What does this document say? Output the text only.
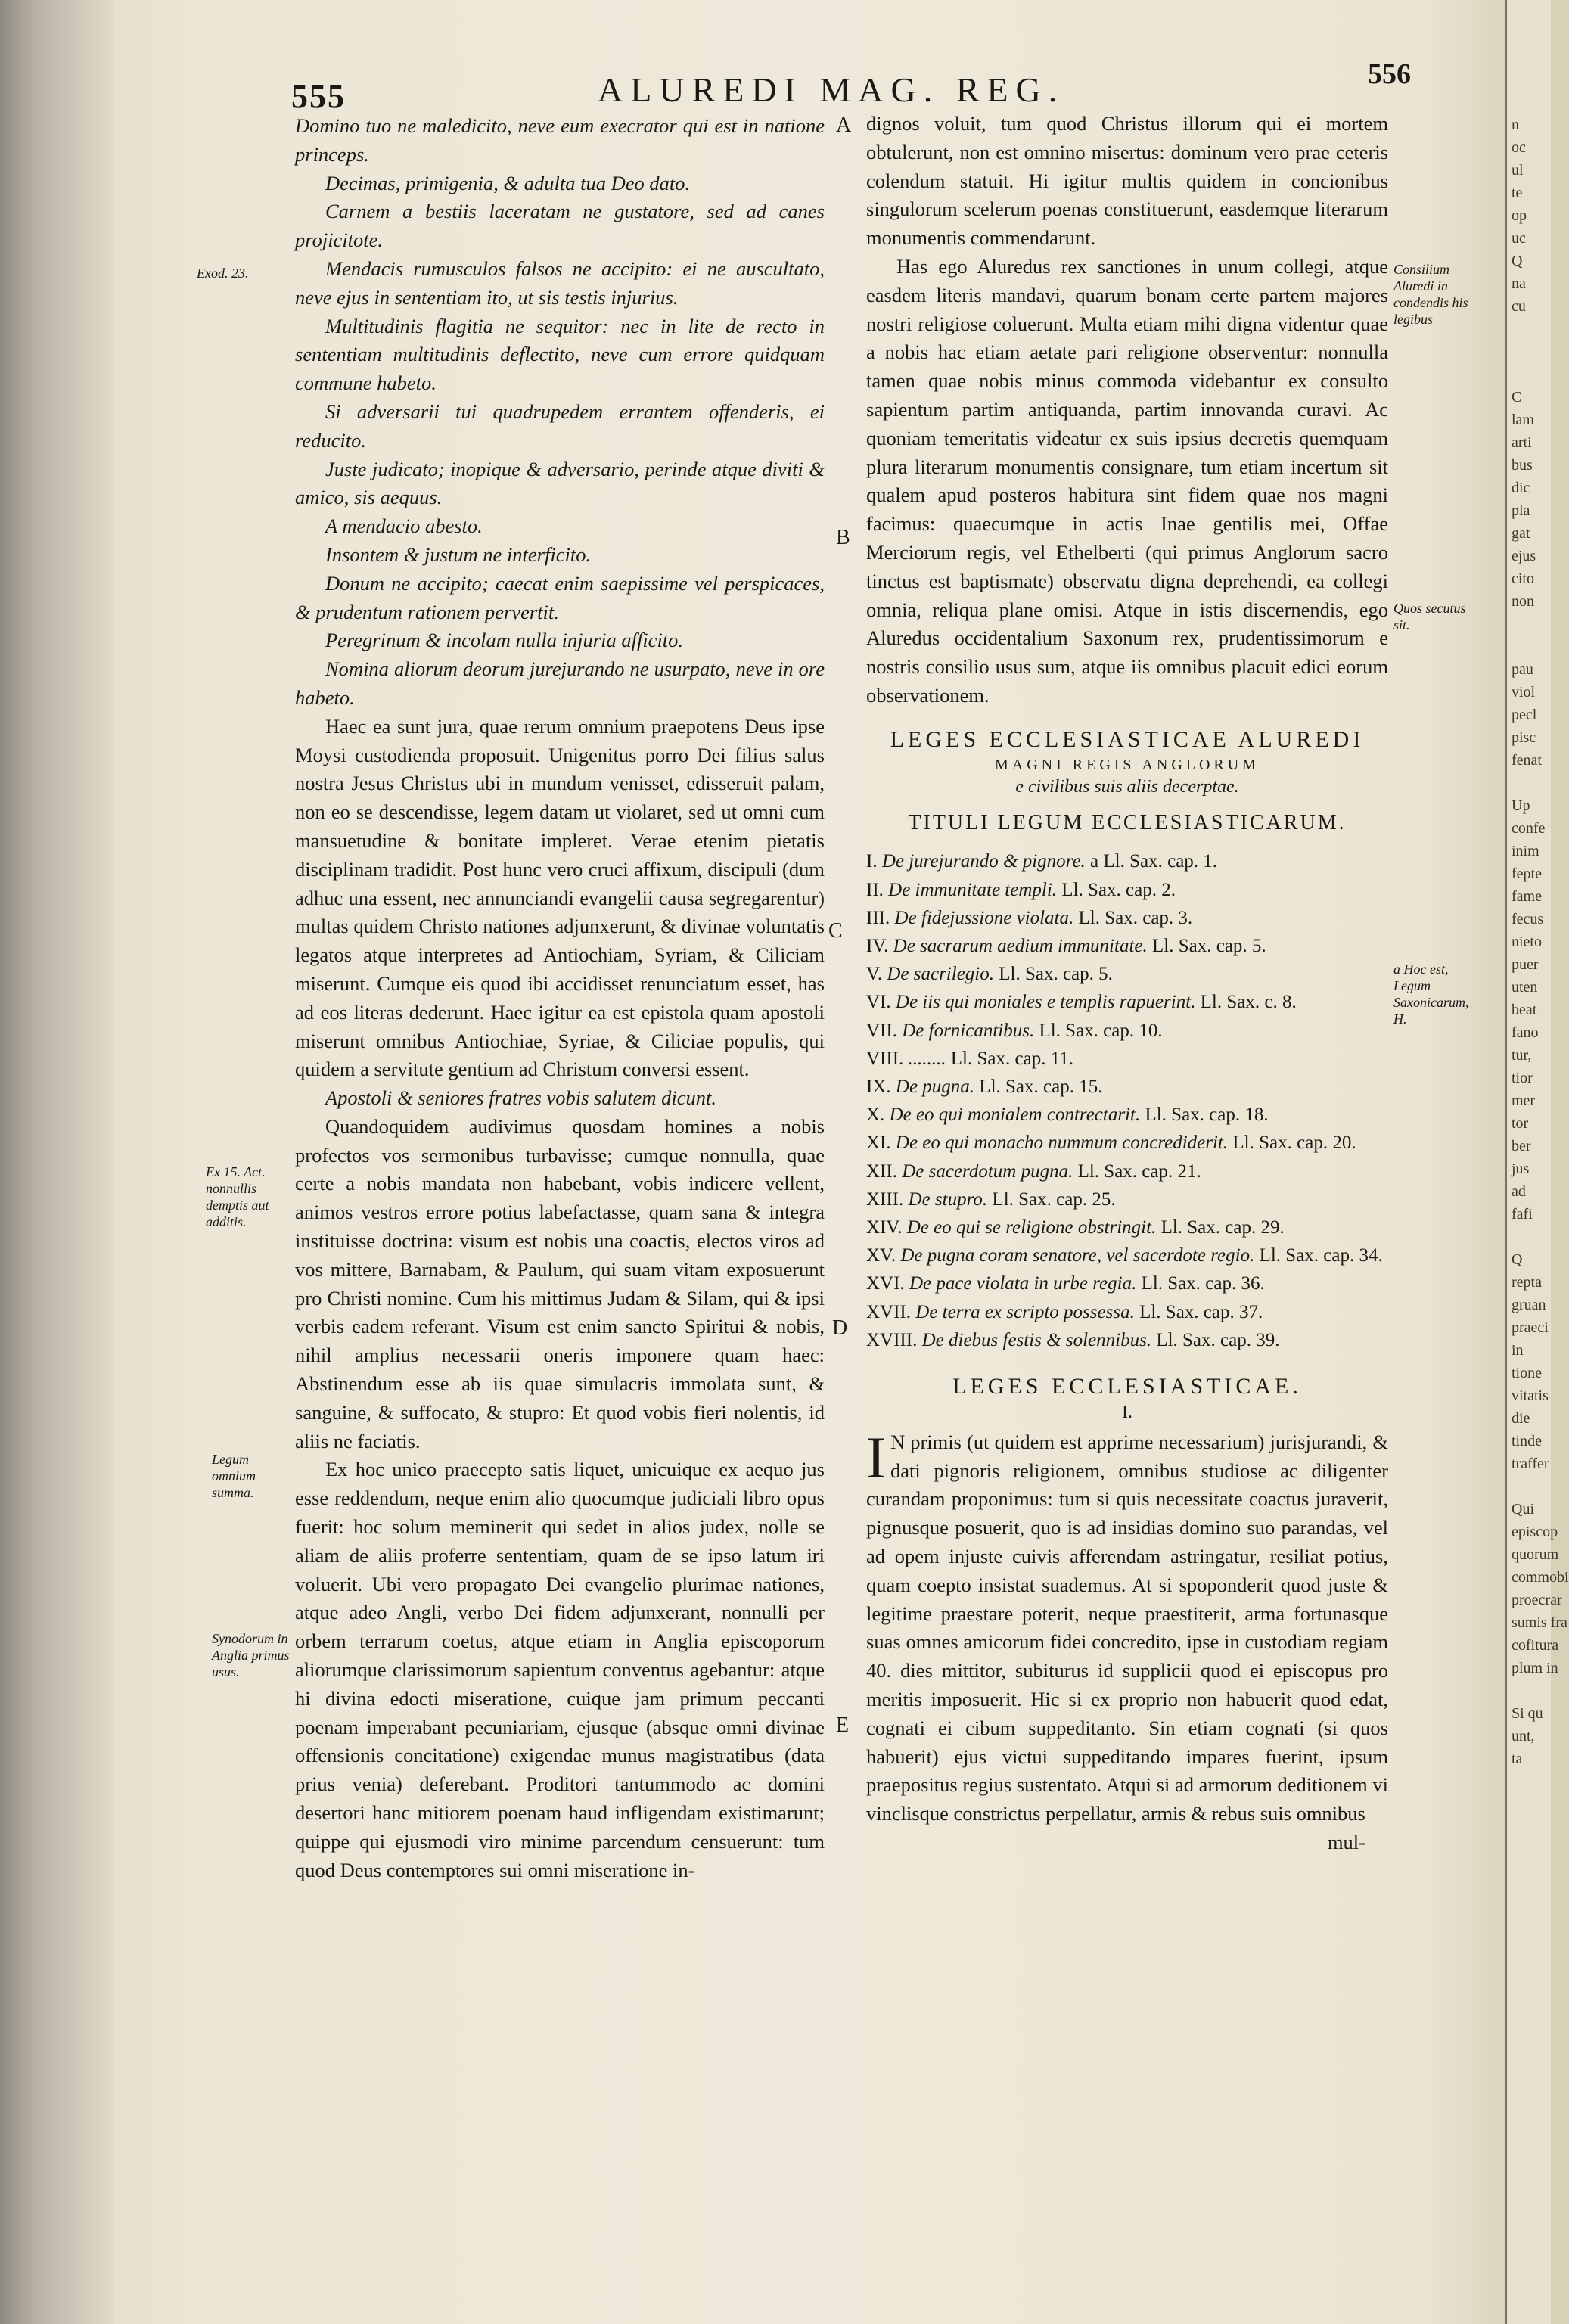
555	ALUREDI MAG. REG.	556
A
B
C
D
E
Exod. 23.
Ex 15. Act. nonnullis demptis aut additis.
Legum omnium summa.
Synodorum in Anglia primus usus.
Consilium Aluredi in condendis his legibus
Quos secutus sit.
a Hoc est, Legum Saxonicarum, H.

Domino tuo ne maledicito, neve eum execrator qui est in natione princeps.

Decimas, primigenia, & adulta tua Deo dato.

Carnem a bestiis laceratam ne gustatore, sed ad canes projicitote.

Mendacis rumusculos falsos ne accipito: ei ne auscultato, neve ejus in sententiam ito, ut sis testis injurius.

Multitudinis flagitia ne sequitor: nec in lite de recto in sententiam multitudinis deflectito, neve cum errore quidquam commune habeto.

Si adversarii tui quadrupedem errantem offenderis, ei reducito.

Juste judicato; inopique & adversario, perinde atque diviti & amico, sis aequus.

A mendacio abesto.

Insontem & justum ne interficito.

Donum ne accipito; caecat enim saepissime vel perspicaces, & prudentum rationem pervertit.

Peregrinum & incolam nulla injuria afficito.

Nomina aliorum deorum jurejurando ne usurpato, neve in ore habeto.

Haec ea sunt jura, quae rerum omnium praepotens Deus ipse Moysi custodienda proposuit. Unigenitus porro Dei filius salus nostra Jesus Christus ubi in mundum venisset, edisseruit palam, non eo se descendisse, legem datam ut violaret, sed ut omni cum mansuetudine & bonitate impleret. Verae etenim pietatis disciplinam tradidit. Post hunc vero cruci affixum, discipuli (dum adhuc una essent, nec annunciandi evangelii causa segregarentur) multas quidem Christo nationes adjunxerunt, & divinae voluntatis legatos atque interpretes ad Antiochiam, Syriam, & Ciliciam miserunt. Cumque eis quod ibi accidisset renunciatum esset, has ad eos literas dederunt. Haec igitur ea est epistola quam apostoli miserunt omnibus Antiochiae, Syriae, & Ciliciae populis, qui quidem a servitute gentium ad Christum conversi essent.

Apostoli & seniores fratres vobis salutem dicunt.

Quandoquidem audivimus quosdam homines a nobis profectos vos sermonibus turbavisse; cumque nonnulla, quae certe a nobis mandata non habebant, vobis indicere vellent, animos vestros errore potius labefactasse, quam sana & integra instituisse doctrina: visum est nobis una coactis, electos viros ad vos mittere, Barnabam, & Paulum, qui suam vitam exposuerunt pro Christi nomine. Cum his mittimus Judam & Silam, qui & ipsi verbis eadem referant. Visum est enim sancto Spiritui & nobis, nihil amplius necessarii oneris imponere quam haec: Abstinendum esse ab iis quae simulacris immolata sunt, & sanguine, & suffocato, & stupro: Et quod vobis fieri nolentis, id aliis ne faciatis.

Ex hoc unico praecepto satis liquet, unicuique ex aequo jus esse reddendum, neque enim alio quocumque judiciali libro opus fuerit: hoc solum meminerit qui sedet in alios judex, nolle se aliam de aliis proferre sententiam, quam de se ipso latum iri voluerit. Ubi vero propagato Dei evangelio plurimae nationes, atque adeo Angli, verbo Dei fidem adjunxerant, nonnulli per orbem terrarum coetus, atque etiam in Anglia episcoporum aliorumque clarissimorum sapientum conventus agebantur: atque hi divina edocti miseratione, cuique jam primum peccanti poenam imperabant pecuniariam, ejusque (absque omni divinae offensionis concitatione) exigendae munus magistratibus (data prius venia) deferebant. Proditori tantummodo ac domini desertori hanc mitiorem poenam haud infligendam existimarunt; quippe qui ejusmodi viro minime parcendum censuerunt: tum quod Deus contemptores sui omni miseratione in-

dignos voluit, tum quod Christus illorum qui ei mortem obtulerunt, non est omnino misertus: dominum vero prae ceteris colendum statuit. Hi igitur multis quidem in concionibus singulorum scelerum poenas constituerunt, easdemque literarum monumentis commendarunt.

Has ego Aluredus rex sanctiones in unum collegi, atque easdem literis mandavi, quarum bonam certe partem majores nostri religiose coluerunt. Multa etiam mihi digna videntur quae a nobis hac etiam aetate pari religione observentur: nonnulla tamen quae nobis minus commoda videbantur ex consulto sapientum partim antiquanda, partim innovanda curavi. Ac quoniam temeritatis videatur ex suis ipsius decretis quemquam plura literarum monumentis consignare, tum etiam incertum sit qualem apud posteros habitura sint fidem quae nos magni facimus: quaecumque in actis Inae gentilis mei, Offae Merciorum regis, vel Ethelberti (qui primus Anglorum sacro tinctus est baptismate) observatu digna deprehendi, ea collegi omnia, reliqua plane omisi. Atque in istis discernendis, ego Aluredus occidentalium Saxonum rex, prudentissimorum e nostris consilio usus sum, atque iis omnibus placuit edici eorum observationem.

LEGES ECCLESIASTICAE ALUREDI
MAGNI REGIS ANGLORUM
e civilibus suis aliis decerptae.
TITULI LEGUM ECCLESIASTICARUM.
I. De jurejurando & pignore. a Ll. Sax. cap. 1.
II. De immunitate templi. Ll. Sax. cap. 2.
III. De fidejussione violata. Ll. Sax. cap. 3.
IV. De sacrarum aedium immunitate. Ll. Sax. cap. 5.
V. De sacrilegio. Ll. Sax. cap. 5.
VI. De iis qui moniales e templis rapuerint. Ll. Sax. c. 8.
VII. De fornicantibus. Ll. Sax. cap. 10.
VIII. ........ Ll. Sax. cap. 11.
IX. De pugna. Ll. Sax. cap. 15.
X. De eo qui monialem contrectarit. Ll. Sax. cap. 18.
XI. De eo qui monacho nummum concrediderit. Ll. Sax. cap. 20.
XII. De sacerdotum pugna. Ll. Sax. cap. 21.
XIII. De stupro. Ll. Sax. cap. 25.
XIV. De eo qui se religione obstringit. Ll. Sax. cap. 29.
XV. De pugna coram senatore, vel sacerdote regio. Ll. Sax. cap. 34.
XVI. De pace violata in urbe regia. Ll. Sax. cap. 36.
XVII. De terra ex scripto possessa. Ll. Sax. cap. 37.
XVIII. De diebus festis & solennibus. Ll. Sax. cap. 39.
LEGES ECCLESIASTICAE.
I.

I N primis (ut quidem est apprime necessarium) jurisjurandi, & dati pignoris religionem, omnibus studiose ac diligenter curandam proponimus: tum si quis necessitate coactus juraverit, pignusque posuerit, quo is ad insidias domino suo parandas, vel ad opem injuste cuivis afferendam astringatur, resiliat potius, quam coepto insistat suademus. At si spoponderit quod juste & legitime praestare poterit, neque praestiterit, arma fortunasque suas omnes amicorum fidei concredito, ipse in custodiam regiam 40. dies mittitor, subiturus id supplicii quod ei episcopus pro meritis imposuerit. Hic si ex proprio non habuerit quod edat, cognati ei cibum suppeditanto. Sin etiam cognati (si quos habuerit) ejus victui suppeditando impares fuerint, ipsum praepositus regius sustentato. Atqui si ad armorum deditionem vi vinclisque constrictus perpellatur, armis & rebus suis omnibus

mul-
n
oc
ul
te
op
uc
Q
na
cu

C
lam
arti
bus
dic
pla
gat
ejus
cito
non

pau
viol
pecl
pisc
fenat

Up
confe
inim
fepte
fame
fecus
nieto
puer
uten
beat
fano
tur,
tior
mer
tor
ber
jus
ad
fafi

Q
repta
gruan
praeci
in
tione
vitatis
die
tinde
traffer

Qui
episcop
quorum
commobi
proecrar
sumis fra
cofitura
plum in

Si qu
unt,
ta
